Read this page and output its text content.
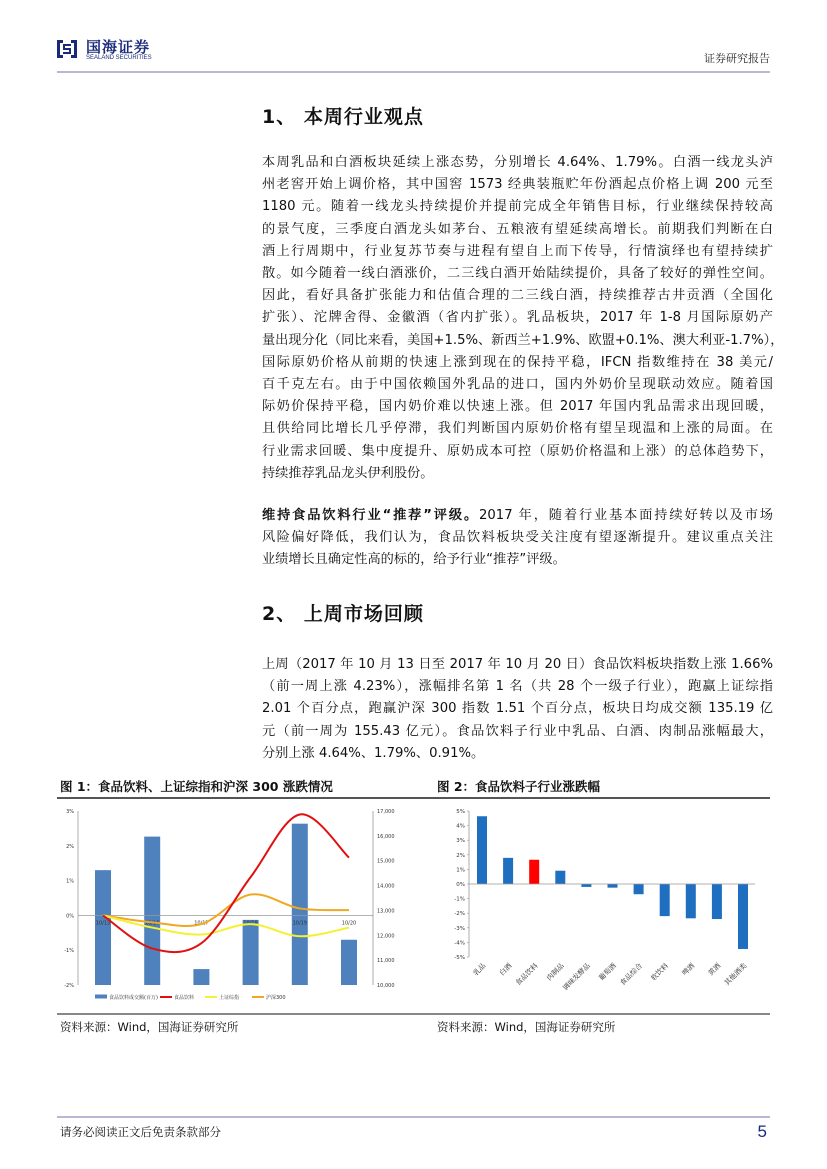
国海证券
SEALAND SECURITIES	证券研究报告
1、 本周行业观点
本周乳品和白酒板块延续上涨态势，分别增长 4.64%、1.79%。白酒一线龙头泸
州老窖开始上调价格，其中国窖 1573 经典装瓶贮年份酒起点价格上调 200 元至
1180 元。随着一线龙头持续提价并提前完成全年销售目标，行业继续保持较高
的景气度，三季度白酒龙头如茅台、五粮液有望延续高增长。前期我们判断在白
酒上行周期中，行业复苏节奏与进程有望自上而下传导，行情演绎也有望持续扩
散。如今随着一线白酒涨价，二三线白酒开始陆续提价，具备了较好的弹性空间。
因此，看好具备扩张能力和估值合理的二三线白酒，持续推荐古井贡酒（全国化
扩张）、沱牌舍得、金徽酒（省内扩张）。乳品板块，2017 年 1-8 月国际原奶产
量出现分化（同比来看，美国+1.5%、新西兰+1.9%、欧盟+0.1%、澳大利亚-1.7%），
国际原奶价格从前期的快速上涨到现在的保持平稳，IFCN 指数维持在 38 美元/
百千克左右。由于中国依赖国外乳品的进口，国内外奶价呈现联动效应。随着国
际奶价保持平稳，国内奶价难以快速上涨。但 2017 年国内乳品需求出现回暖，
且供给同比增长几乎停滞，我们判断国内原奶价格有望呈现温和上涨的局面。在
行业需求回暖、集中度提升、原奶成本可控（原奶价格温和上涨）的总体趋势下，
持续推荐乳品龙头伊利股份。
维持食品饮料行业“推荐”评级。2017 年，随着行业基本面持续好转以及市场
风险偏好降低，我们认为，食品饮料板块受关注度有望逐渐提升。建议重点关注
业绩增长且确定性高的标的，给予行业“推荐”评级。
2、 上周市场回顾
上周（2017 年 10 月 13 日至 2017 年 10 月 20 日）食品饮料板块指数上涨 1.66%
（前一周上涨 4.23%），涨幅排名第 1 名（共 28 个一级子行业），跑赢上证综指
2.01 个百分点，跑赢沪深 300 指数 1.51 个百分点，板块日均成交额 135.19 亿
元（前一周为 155.43 亿元）。食品饮料子行业中乳品、白酒、肉制品涨幅最大，
分别上涨 4.64%、1.79%、0.91%。
图 1：食品饮料、上证综指和沪深 300 涨跌情况	图 2：食品饮料子行业涨跌幅
-2%
-1%
0%
1%
2%
3%
10,000
11,000
12,000
13,000
14,000
15,000
16,000
17,000
10/13	10/16	10/17	10/18	10/19	10/20
食品饮料成交额(百万)	食品饮料	上证综指	沪深300
-5%
-4%
-3%
-2%
-1%
0%
1%
2%
3%
4%
5%
乳品 白酒 食品饮料 肉制品
调味发酵品 葡萄酒 食品综合 软饮料 啤酒 黄酒 其他酒类
资料来源：Wind，国海证券研究所	资料来源：Wind，国海证券研究所
请务必阅读正文后免责条款部分	5
